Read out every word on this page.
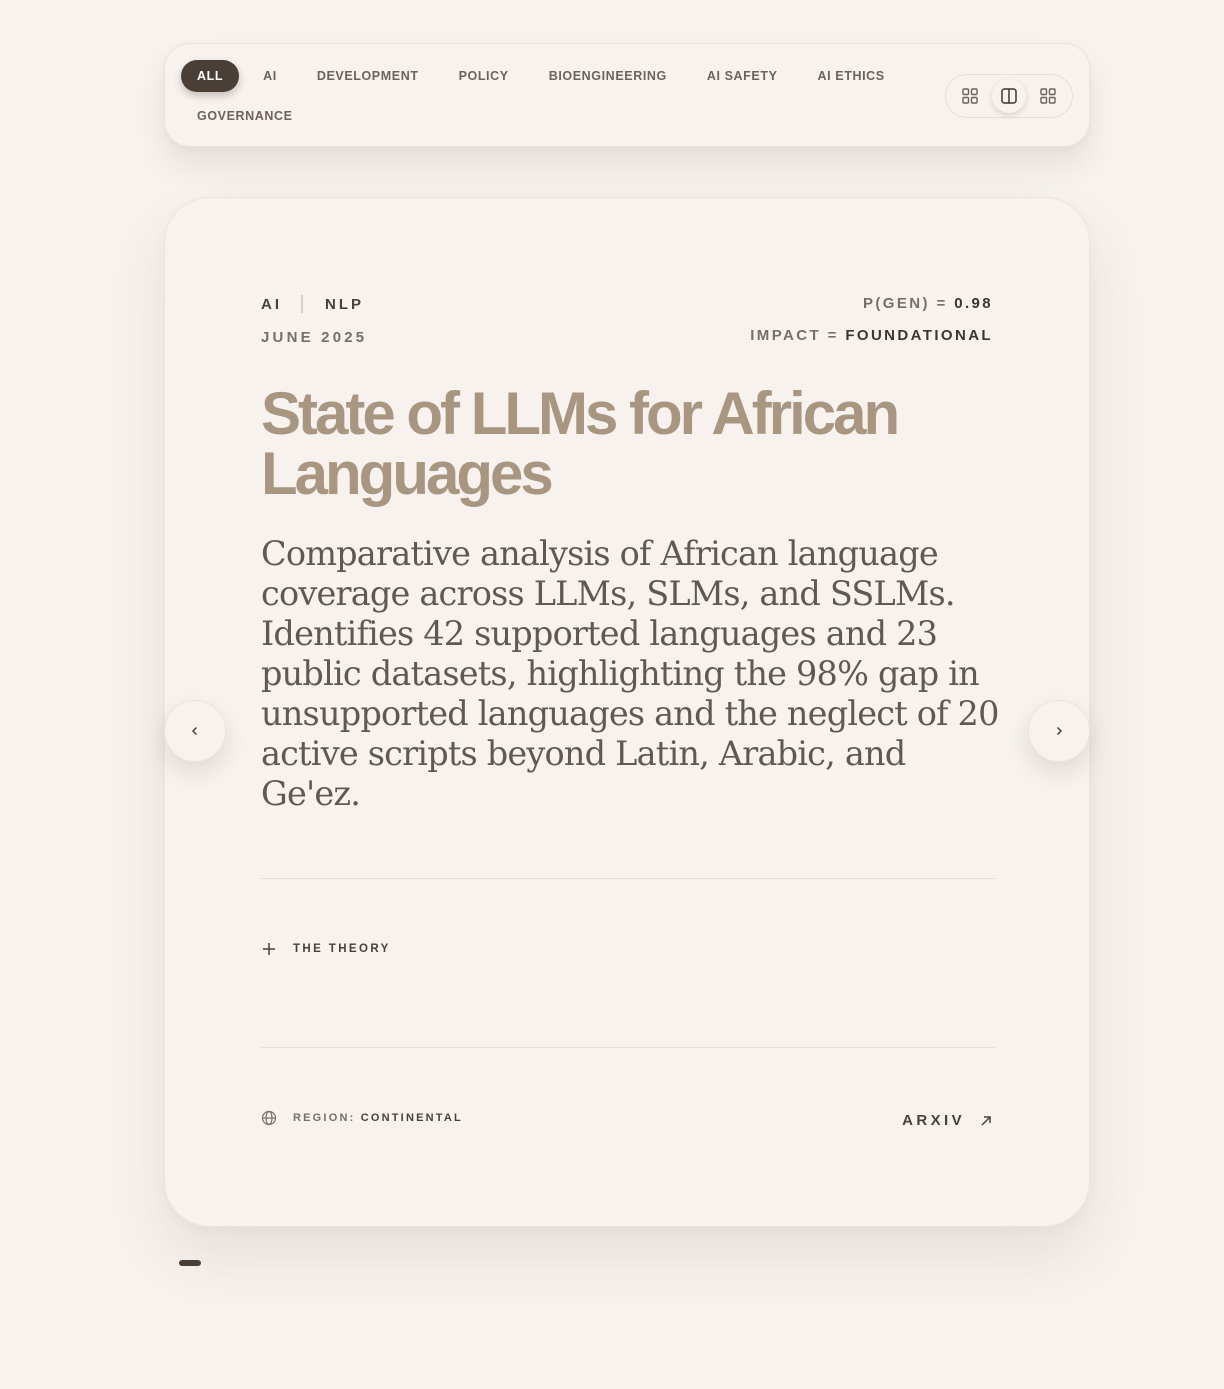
ALL	AI	DEVELOPMENT	POLICY	BIOENGINEERING	AI SAFETY	AI ETHICS
GOVERNANCE
AI	NLP
JUNE 2025
P(GEN) = 0.98
IMPACT = FOUNDATIONAL
State of LLMs for African Languages

Comparative analysis of African language coverage across LLMs, SLMs, and SSLMs. Identifies 42 supported languages and 23 public datasets, highlighting the 98% gap in unsupported languages and the neglect of 20 active scripts beyond Latin, Arabic, and Ge'ez.

THE THEORY
REGION: CONTINENTAL	ARXIV
